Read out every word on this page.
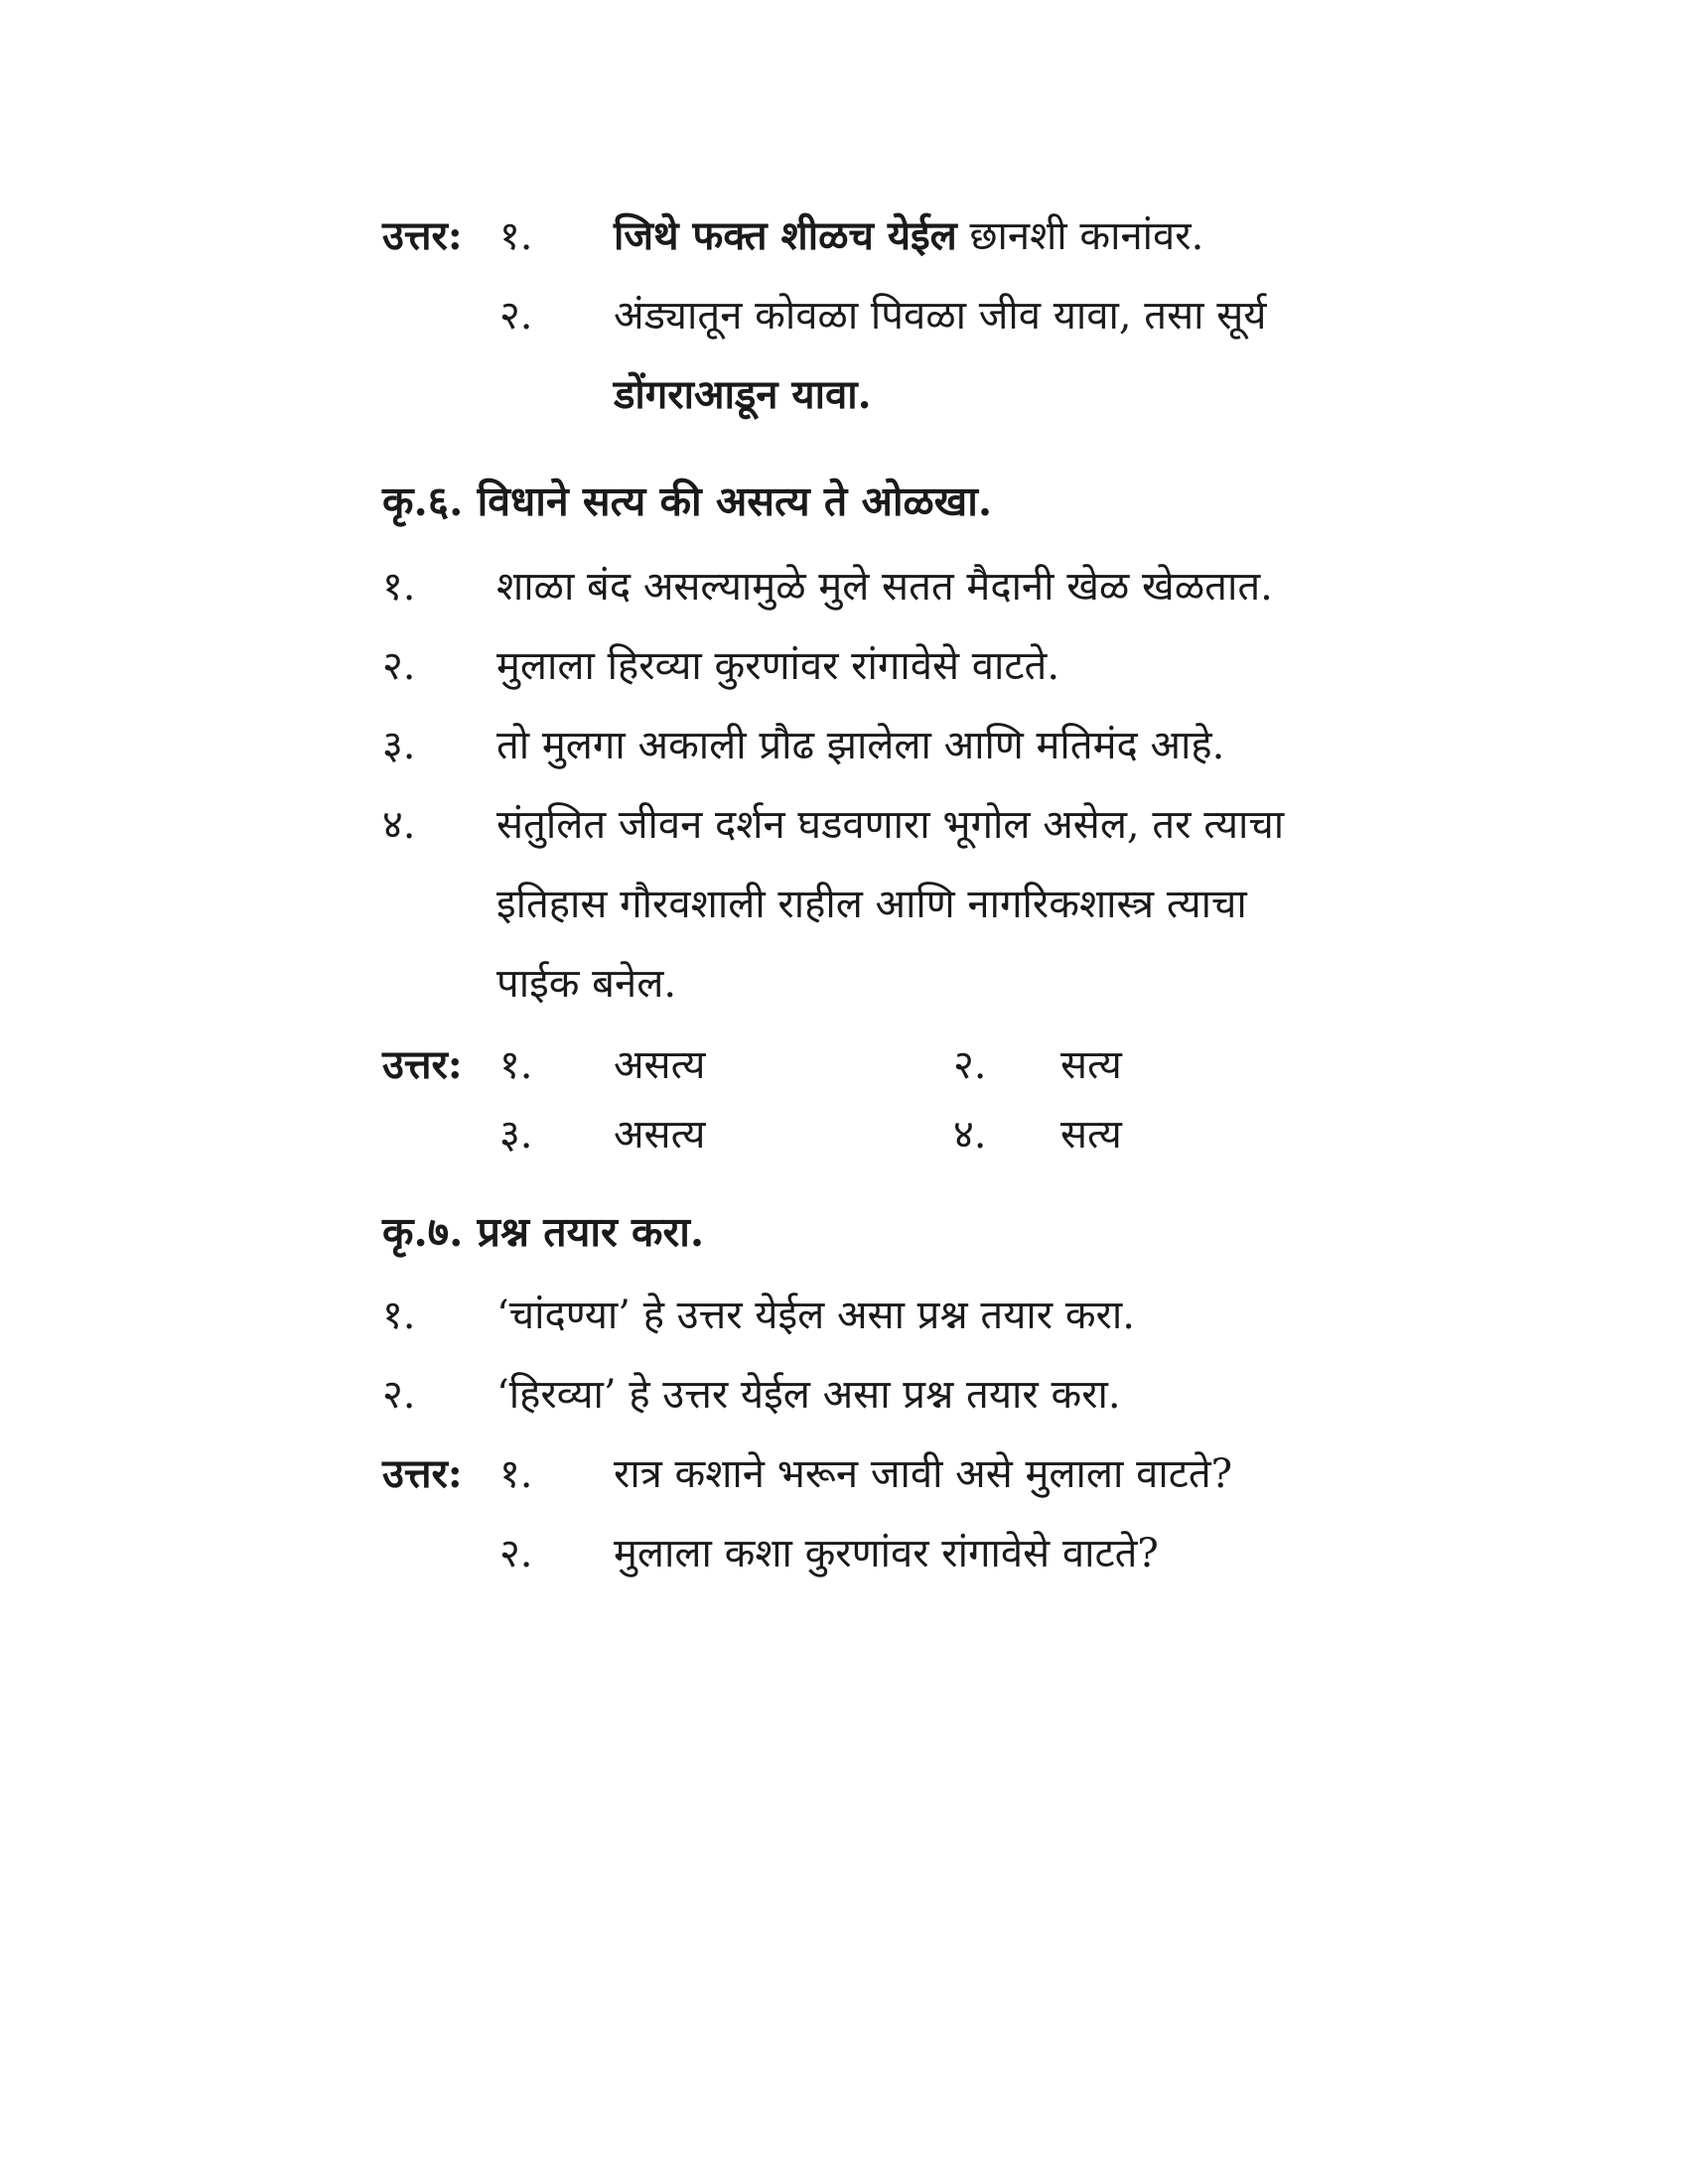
उत्तर: १. जिथे फक्त शीळच येईल छानशी कानांवर.
२. अंड्यातून कोवळा पिवळा जीव यावा, तसा सूर्य
डोंगराआडून यावा.
कृ.६. विधाने सत्य की असत्य ते ओळखा.
१. शाळा बंद असल्यामुळे मुले सतत मैदानी खेळ खेळतात.
२. मुलाला हिरव्या कुरणांवर रांगावेसे वाटते.
३. तो मुलगा अकाली प्रौढ झालेला आणि मतिमंद आहे.
४. संतुलित जीवन दर्शन घडवणारा भूगोल असेल, तर त्याचा
इतिहास गौरवशाली राहील आणि नागरिकशास्त्र त्याचा
पाईक बनेल.
उत्तर: १. असत्य	२. सत्य
३. असत्य	४. सत्य
कृ.७. प्रश्न तयार करा.
१. ‘चांदण्या’ हे उत्तर येईल असा प्रश्न तयार करा.
२. ‘हिरव्या’ हे उत्तर येईल असा प्रश्न तयार करा.
उत्तर: १. रात्र कशाने भरून जावी असे मुलाला वाटते?
२. मुलाला कशा कुरणांवर रांगावेसे वाटते?
